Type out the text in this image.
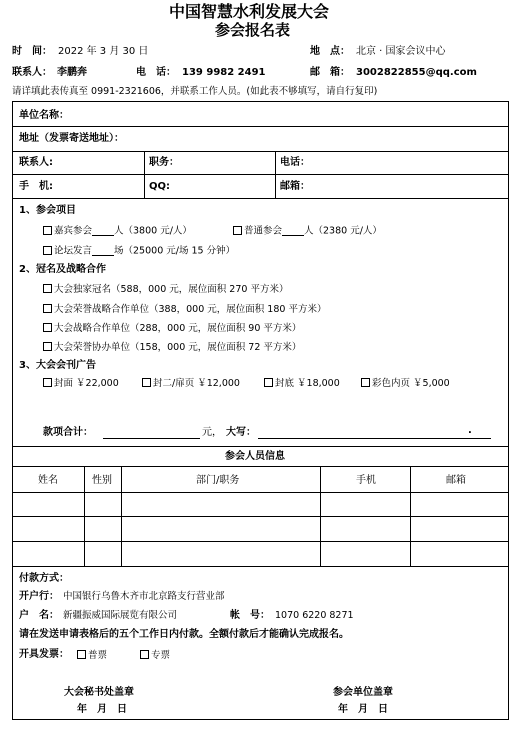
中国智慧水利发展大会
参会报名表
时　间： 2022 年 3 月 30 日	地　点： 北京 · 国家会议中心
联系人： 李鹏奔	电　话： 139 9982 2491	邮　箱： 3002822855@qq.com
请详填此表传真至 0991-2321606，并联系工作人员。(如此表不够填写，请自行复印)
单位名称：
地址（发票寄送地址）：
联系人:	职务：	电话：
手　机:	QQ:	邮箱：
1、参会项目
嘉宾参会 人（3800 元/人）	普通参会 人（2380 元/人）
论坛发言 场（25000 元/场 15 分钟）
2、冠名及战略合作
大会独家冠名（588，000 元，展位面积 270 平方米）
大会荣誉战略合作单位（388，000 元，展位面积 180 平方米）
大会战略合作单位（288，000 元，展位面积 90 平方米）
大会荣誉协办单位（158，000 元，展位面积 72 平方米）
3、大会会刊广告
封面 ￥22,000	封二/扉页 ￥12,000	封底 ￥18,000	彩色内页 ￥5,000
款项合计：	元， 大写：	.
参会人员信息
姓名	性别	部门/职务	手机	邮箱
付款方式：
开户行： 中国银行乌鲁木齐市北京路支行营业部
户　名： 新疆振威国际展览有限公司	帐　号： 1070 6220 8271
请在发送申请表格后的五个工作日内付款。全额付款后才能确认完成报名。
开具发票：	普票	专票
大会秘书处盖章
年　月　日
参会单位盖章
年　月　日
